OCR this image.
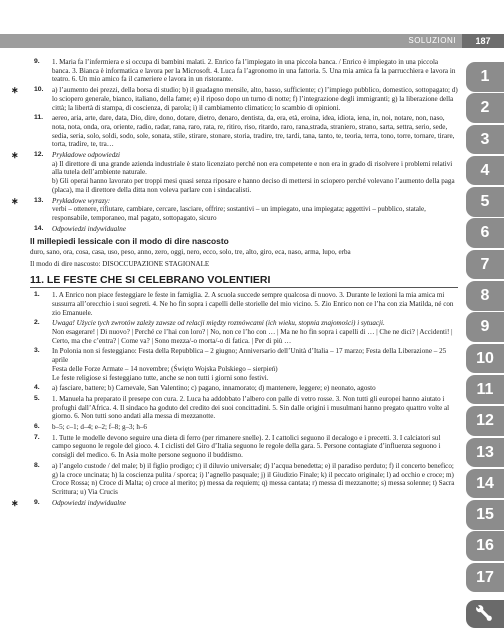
SOLUZIONI	187
1
2
3
4
5
6
7
8
9
10
11
12
13
14
15
16
17
9. 1. Maria fa l’infermiera e si occupa di bambini malati. 2. Enrico fa l’impiegato in una piccola banca. / Enrico è impiegato in una piccola banca. 3. Bianca è informatica e lavora per la Microsoft. 4. Luca fa l’agronomo in una fattoria. 5. Una mia amica fa la parrucchiera e lavora in teatro. 6. Un mio amico fa il cameriere e lavora in un ristorante.
∗ 10. a) l’aumento dei prezzi, della borsa di studio; b) il guadagno mensile, alto, basso, sufficiente; c) l’impiego pubblico, domestico, sottopagato; d) lo sciopero generale, bianco, italiano, della fame; e) il riposo dopo un turno di notte; f) l’integrazione degli immigranti; g) la liberazione della città; la libertà di stampa, di coscienza, di parola; i) il cambiamento climatico; lo scambio di opinioni.
11. aereo, aria, arte, dare, data, Dio, dire, dono, dotare, dietro, denaro, dentista, da, era, età, eroina, idea, idiota, iena, in, noi, notare, non, naso, nota, nota, onda, ora, oriente, radio, radar, rana, raro, rata, re, ritiro, riso, ritardo, raro, rana,strada, straniero, strano, sarta, settra, serio, sede, sedia, seria, solo, soldi, sodo, sole, sonata, stile, stirare, stonare, storia, tradire, tre, tardi, tana, tanto, te, teoria, terra, tono, torre, tornare, tirare, torta, tradire, te, tra…
∗ 12. Prykładowe odpowiedzi
a) Il direttore di una grande azienda industriale è stato licenziato perché non era competente e non era in grado di risolvere i problemi relativi alla tutela dell’ambiente naturale.
b) Gli operai hanno lavorato per troppi mesi quasi senza riposare e hanno deciso di mettersi in sciopero perché volevano l’aumento della paga (placa), ma il direttore della ditta non voleva parlare con i sindacalisti.
∗ 13. Prykładowe wyrazy:
verbi – ottenere, rifiutare, cambiare, cercare, lasciare, offrire; sostantivi – un impiegato, una impiegata; aggettivi – pubblico, statale, responsabile, temporaneo, mal pagato, sottopagato, sicuro
14. Odpowiedzi indywidualne
Il millepiedi lessicale con il modo di dire nascosto
duro, sano, ora, cosa, casa, uso, peso, anno, zero, oggi, nero, ecco, solo, tre, alto, giro, eca, naso, arma, lupo, erba
Il modo di dire nascosto: DISOCCUPAZIONE STAGIONALE
11. LE FESTE CHE SI CELEBRANO VOLENTIERI
1. 1. A Enrico non piace festeggiare le feste in famiglia. 2. A scuola succede sempre qualcosa di nuovo. 3. Durante le lezioni la mia amica mi sussurra all’orecchio i suoi segreti. 4. Ne ho fin sopra i capelli delle storielle del mio vicino. 5. Zio Enrico non ce l’ha con zia Matilda, né con zio Emanuele.
2. Uwaga! Użycie tych zwrotów zależy zawsze od relacji między rozmówcami (ich wieku, stopnia znajomości) i sytuacji.
Non esagerare! | Di nuovo? | Perché ce l’hai con loro? | No, non ce l’ho con … | Ma ne ho fin sopra i capelli di … | Che ne dici? | Accidenti! | Certo, ma che c’entra? | Come va? | Sono mezza/-o morta/-o di fatica. | Per di più …
3. In Polonia non si festeggiano: Festa della Repubblica – 2 giugno; Anniversario dell’Unità d’Italia – 17 marzo; Festa della Liberazione – 25 aprile
Festa delle Forze Armate – 14 novembre; (Święto Wojska Polskiego – sierpień)
Le feste religiose si festeggiano tutte, anche se non tutti i giorni sono festivi.
4. a) fasciare, battere; b) Carnevale, San Valentino; c) pagano, innamorato; d) mantenere, leggere; e) neonato, agosto
5. 1. Manuela ha preparato il presepe con cura. 2. Luca ha addobbato l’albero con palle di vetro rosse. 3. Non tutti gli europei hanno aiutato i profughi dall’Africa. 4. Il sindaco ha goduto del credito dei suoi concittadini. 5. Sin dalle origini i musulmani hanno pregato quattro volte al giorno. 6. Non tutti sono andati alla messa di mezzanotte.
6. b–5; c–1; d–4; e–2; f–8; g–3; h–6
7. 1. Tutte le modelle devono seguire una dieta di ferro (per rimanere snelle). 2. I cattolici seguono il decalogo e i precetti. 3. I calciatori sul campo seguono le regole del gioco. 4. I ciclisti del Giro d’Italia seguono le regole della gara. 5. Persone contagiate d’influenza seguono i consigli del medico. 6. In Asia molte persone seguono il buddismo.
8. a) l’angelo custode / del male; b) il figlio prodigo; c) il diluvio universale; d) l’acqua benedetta; e) il paradiso perduto; f) il concerto benefico; g) la croce uncinata; h) la coscienza pulita / sporca; i) l’agnello pasquale; j) il Giudizio Finale; k) il peccato originale; l) ad occhio e croce; m) Croce Rossa; n) Croce di Malta; o) croce al merito; p) messa da requiem; q) messa cantata; r) messa di mezzanotte; s) messa solenne; t) Sacra Scrittura; u) Via Crucis
∗ 9. Odpowiedzi indywidualne
